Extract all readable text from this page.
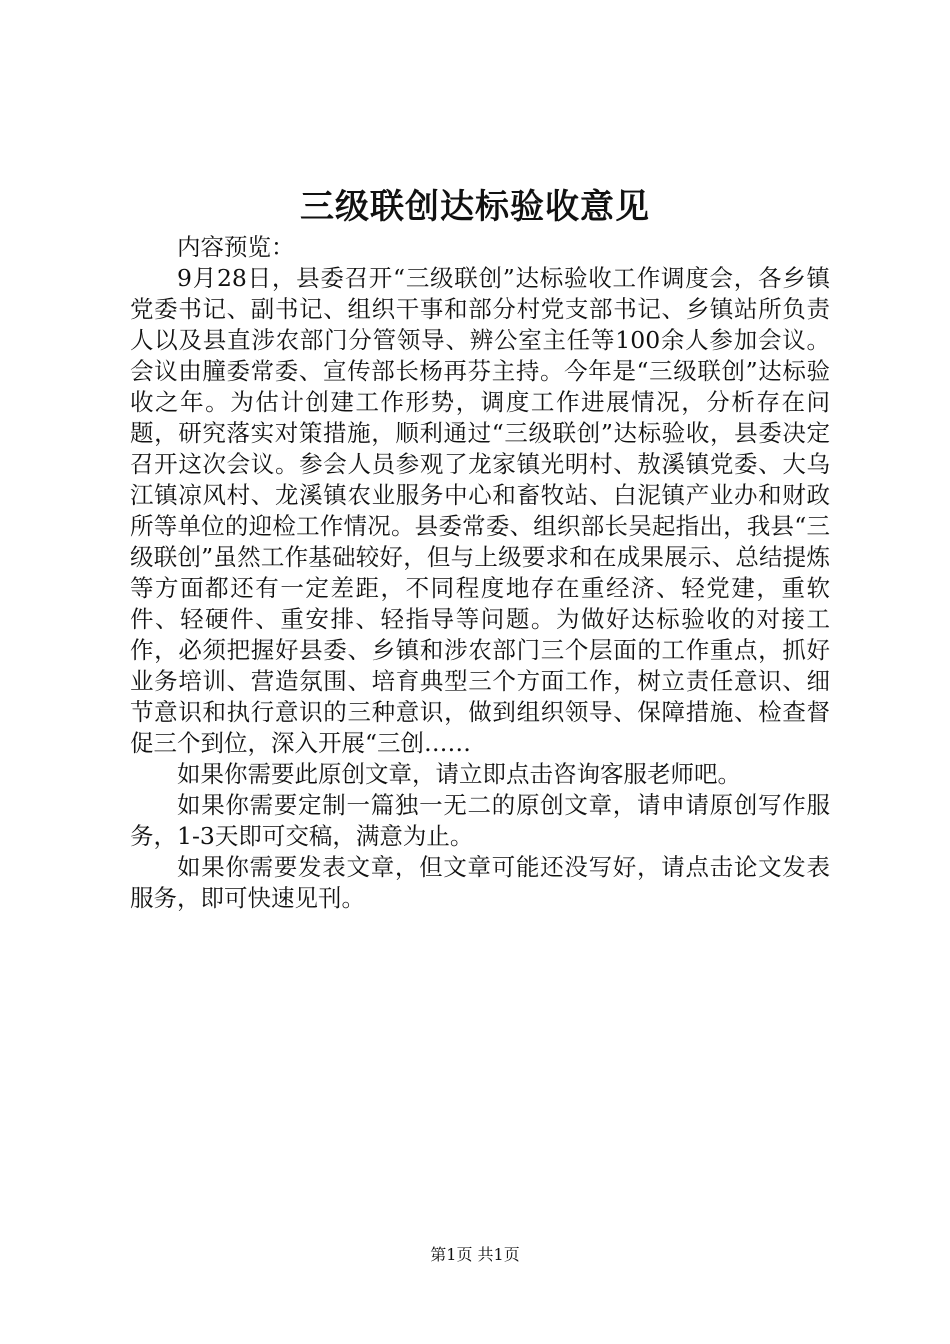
三级联创达标验收意见

内容预览：

9月28日，县委召开“三级联创”达标验收工作调度会，各乡镇党委书记、副书记、组织干事和部分村党支部书记、乡镇站所负责人以及县直涉农部门分管领导、辨公室主任等100余人参加会议。会议由朣委常委、宣传部长杨再芬主持。今年是“三级联创”达标验收之年。为估计创建工作形势，调度工作进展情况，分析存在问题，研究落实对策措施，顺利通过“三级联创”达标验收，县委决定召开这次会议。参会人员参观了龙家镇光明村、敖溪镇党委、大乌江镇凉风村、龙溪镇农业服务中心和畜牧站、白泥镇产业办和财政所等单位的迎检工作情况。县委常委、组织部长吴起指出，我县“三级联创”虽然工作基础较好，但与上级要求和在成果展示、总结提炼等方面都还有一定差距，不同程度地存在重经济、轻党建，重软件、轻硬件、重安排、轻指导等问题。为做好达标验收的对接工作，必须把握好县委、乡镇和涉农部门三个层面的工作重点，抓好业务培训、营造氛围、培育典型三个方面工作，树立责任意识、细节意识和执行意识的三种意识，做到组织领导、保障措施、检查督促三个到位，深入开展“三创……

如果你需要此原创文章，请立即点击咨询客服老师吧。

如果你需要定制一篇独一无二的原创文章，请申请原创写作服务，1-3天即可交稿，满意为止。

如果你需要发表文章，但文章可能还没写好，请点击论文发表服务，即可快速见刊。

第1页 共1页
